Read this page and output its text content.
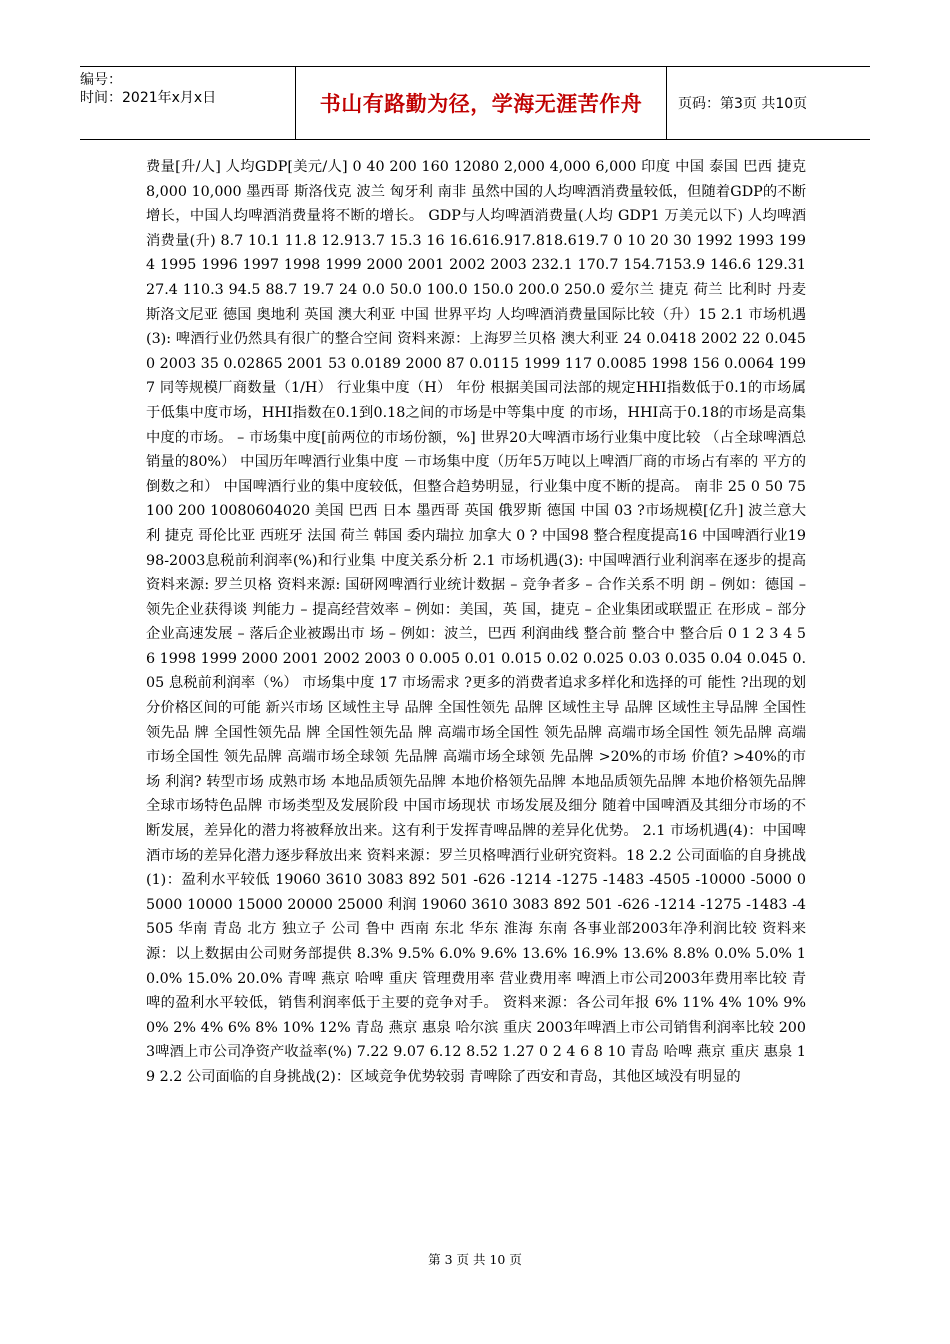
编号：
时间：2021年x月x日	书山有路勤为径，学海无涯苦作舟	页码：第3页 共10页
费量[升/人] 人均GDP[美元/人] 0 40 200 160 12080 2,000 4,000 6,000 印度 中国 泰国 巴西 捷克 8,000 10,000 墨西哥 斯洛伐克 波兰 匈牙利 南非 虽然中国的人均啤酒消费量较低，但随着GDP的不断增长，中国人均啤酒消费量将不断的增长。 GDP与人均啤酒消费量(人均 GDP1 万美元以下) 人均啤酒消费量(升) 8.7 10.1 11.8 12.913.7 15.3 16 16.616.917.818.619.7 0 10 20 30 1992 1993 1994 1995 1996 1997 1998 1999 2000 2001 2002 2003 232.1 170.7 154.7153.9 146.6 129.3127.4 110.3 94.5 88.7 19.7 24 0.0 50.0 100.0 150.0 200.0 250.0 爱尔兰 捷克 荷兰 比利时 丹麦 斯洛文尼亚 德国 奥地利 英国 澳大利亚 中国 世界平均 人均啤酒消费量国际比较（升）15 2.1 市场机遇(3): 啤酒行业仍然具有很广的整合空间 资料来源：上海罗兰贝格 澳大利亚 24 0.0418 2002 22 0.0450 2003 35 0.02865 2001 53 0.0189 2000 87 0.0115 1999 117 0.0085 1998 156 0.0064 1997 同等规模厂商数量（1/H） 行业集中度（H） 年份 根据美国司法部的规定HHI指数低于0.1的市场属于低集中度市场，HHI指数在0.1到0.18之间的市场是中等集中度 的市场，HHI高于0.18的市场是高集中度的市场。 – 市场集中度[前两位的市场份额，%] 世界20大啤酒市场行业集中度比较 （占全球啤酒总销量的80%） 中国历年啤酒行业集中度 －市场集中度（历年5万吨以上啤酒厂商的市场占有率的 平方的倒数之和） 中国啤酒行业的集中度较低，但整合趋势明显，行业集中度不断的提高。 南非 25 0 50 75 100 200 10080604020 美国 巴西 日本 墨西哥 英国 俄罗斯 德国 中国 03 ?市场规模[亿升] 波兰意大利 捷克 哥伦比亚 西班牙 法国 荷兰 韩国 委内瑞拉 加拿大 0 ? 中国98 整合程度提高16 中国啤酒行业1998-2003息税前利润率(%)和行业集 中度关系分析 2.1 市场机遇(3): 中国啤酒行业利润率在逐步的提高 资料来源: 罗兰贝格 资料来源: 国研网啤酒行业统计数据 – 竞争者多 – 合作关系不明 朗 – 例如：德国 – 领先企业获得谈 判能力 – 提高经营效率 – 例如：美国，英 国，捷克 – 企业集团或联盟正 在形成 – 部分企业高速发展 – 落后企业被踢出市 场 – 例如：波兰，巴西 利润曲线 整合前 整合中 整合后 0 1 2 3 4 5 6 1998 1999 2000 2001 2002 2003 0 0.005 0.01 0.015 0.02 0.025 0.03 0.035 0.04 0.045 0.05 息税前利润率（%） 市场集中度 17 市场需求 ?更多的消费者追求多样化和选择的可 能性 ?出现的划分价格区间的可能 新兴市场 区域性主导 品牌 全国性领先 品牌 区域性主导 品牌 区域性主导品牌 全国性领先品 牌 全国性领先品 牌 全国性领先品 牌 高端市场全国性 领先品牌 高端市场全国性 领先品牌 高端市场全国性 领先品牌 高端市场全球领 先品牌 高端市场全球领 先品牌 >20%的市场 价值? >40%的市场 利润? 转型市场 成熟市场 本地品质领先品牌 本地价格领先品牌 本地品质领先品牌 本地价格领先品牌 全球市场特色品牌 市场类型及发展阶段 中国市场现状 市场发展及细分 随着中国啤酒及其细分市场的不断发展，差异化的潜力将被释放出来。这有利于发挥青啤品牌的差异化优势。 2.1 市场机遇(4)：中国啤酒市场的差异化潜力逐步释放出来 资料来源：罗兰贝格啤酒行业研究资料。18 2.2 公司面临的自身挑战(1)：盈利水平较低 19060 3610 3083 892 501 -626 -1214 -1275 -1483 -4505 -10000 -5000 0 5000 10000 15000 20000 25000 利润 19060 3610 3083 892 501 -626 -1214 -1275 -1483 -4505 华南 青岛 北方 独立子 公司 鲁中 西南 东北 华东 淮海 东南 各事业部2003年净利润比较 资料来源：以上数据由公司财务部提供 8.3% 9.5% 6.0% 9.6% 13.6% 16.9% 13.6% 8.8% 0.0% 5.0% 10.0% 15.0% 20.0% 青啤 燕京 哈啤 重庆 管理费用率 营业费用率 啤酒上市公司2003年费用率比较 青啤的盈利水平较低，销售利润率低于主要的竞争对手。 资料来源：各公司年报 6% 11% 4% 10% 9% 0% 2% 4% 6% 8% 10% 12% 青岛 燕京 惠泉 哈尔滨 重庆 2003年啤酒上市公司销售利润率比较 2003啤酒上市公司净资产收益率(%) 7.22 9.07 6.12 8.52 1.27 0 2 4 6 8 10 青岛 哈啤 燕京 重庆 惠泉 19 2.2 公司面临的自身挑战(2)：区域竞争优势较弱 青啤除了西安和青岛，其他区域没有明显的
第 3 页 共 10 页
